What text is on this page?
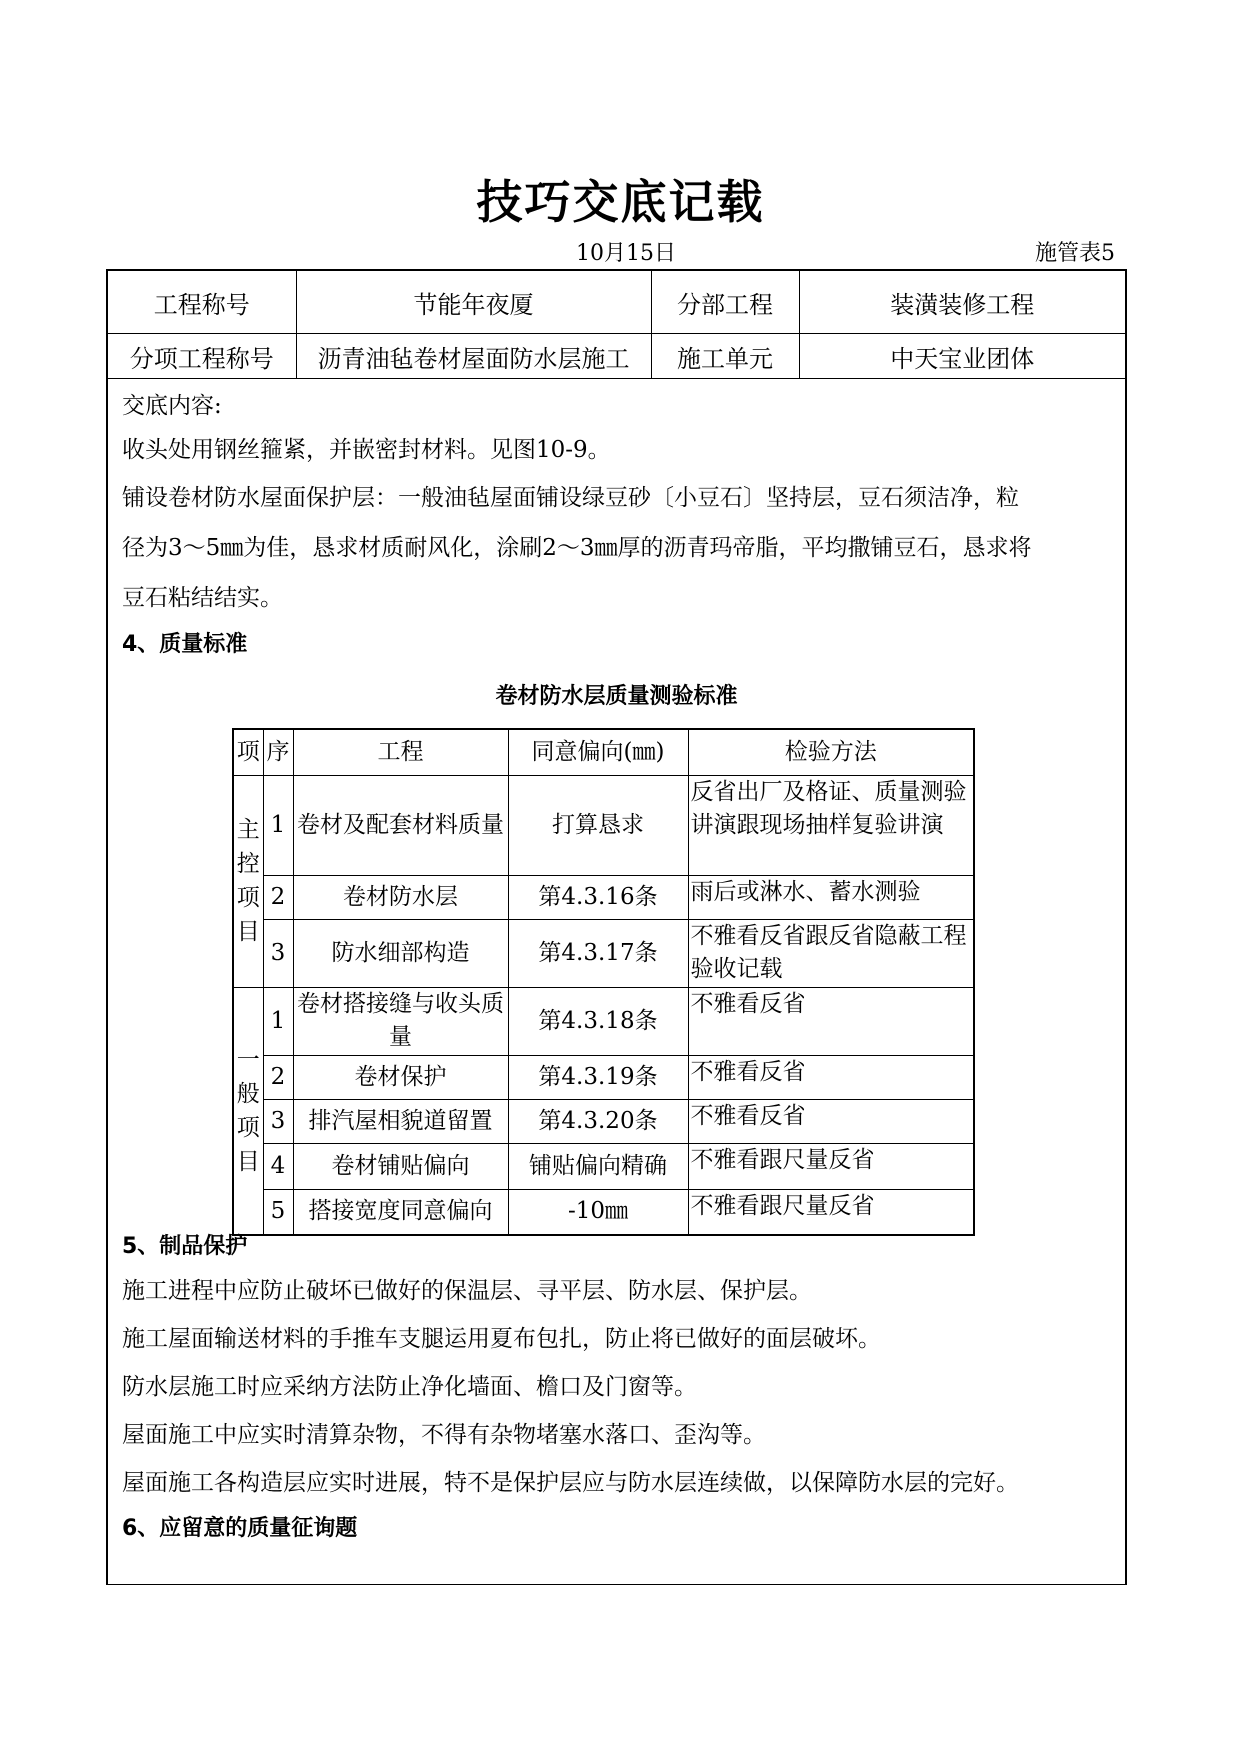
技巧交底记载
10月15日	施管表5
工程称号	节能年夜厦	分部工程	装潢装修工程
分项工程称号	沥青油毡卷材屋面防水层施工	施工单元	中天宝业团体
交底内容:
收头处用钢丝箍紧，并嵌密封材料。见图10-9。
铺设卷材防水屋面保护层：一般油毡屋面铺设绿豆砂〔小豆石〕坚持层，豆石须洁净，粒
径为3～5㎜为佳，恳求材质耐风化，涂刷2～3㎜厚的沥青玛帝脂，平均撒铺豆石，恳求将
豆石粘结结实。
4、质量标准
卷材防水层质量测验标准
项	序	工程	同意偏向(㎜)	检验方法
主控项目	1	卷材及配套材料质量	打算恳求	反省出厂及格证、质量测验讲演跟现场抽样复验讲演
	2	卷材防水层	第4.3.16条	雨后或淋水、蓄水测验
	3	防水细部构造	第4.3.17条	不雅看反省跟反省隐蔽工程验收记载
一般项目	1	卷材搭接缝与收头质量	第4.3.18条	不雅看反省
	2	卷材保护	第4.3.19条	不雅看反省
	3	排汽屋相貌道留置	第4.3.20条	不雅看反省
	4	卷材铺贴偏向	铺贴偏向精确	不雅看跟尺量反省
	5	搭接宽度同意偏向	-10㎜	不雅看跟尺量反省
5、制品保护
施工进程中应防止破坏已做好的保温层、寻平层、防水层、保护层。
施工屋面输送材料的手推车支腿运用夏布包扎，防止将已做好的面层破坏。
防水层施工时应采纳方法防止净化墙面、檐口及门窗等。
屋面施工中应实时清算杂物，不得有杂物堵塞水落口、歪沟等。
屋面施工各构造层应实时进展，特不是保护层应与防水层连续做，以保障防水层的完好。
6、应留意的质量征询题
